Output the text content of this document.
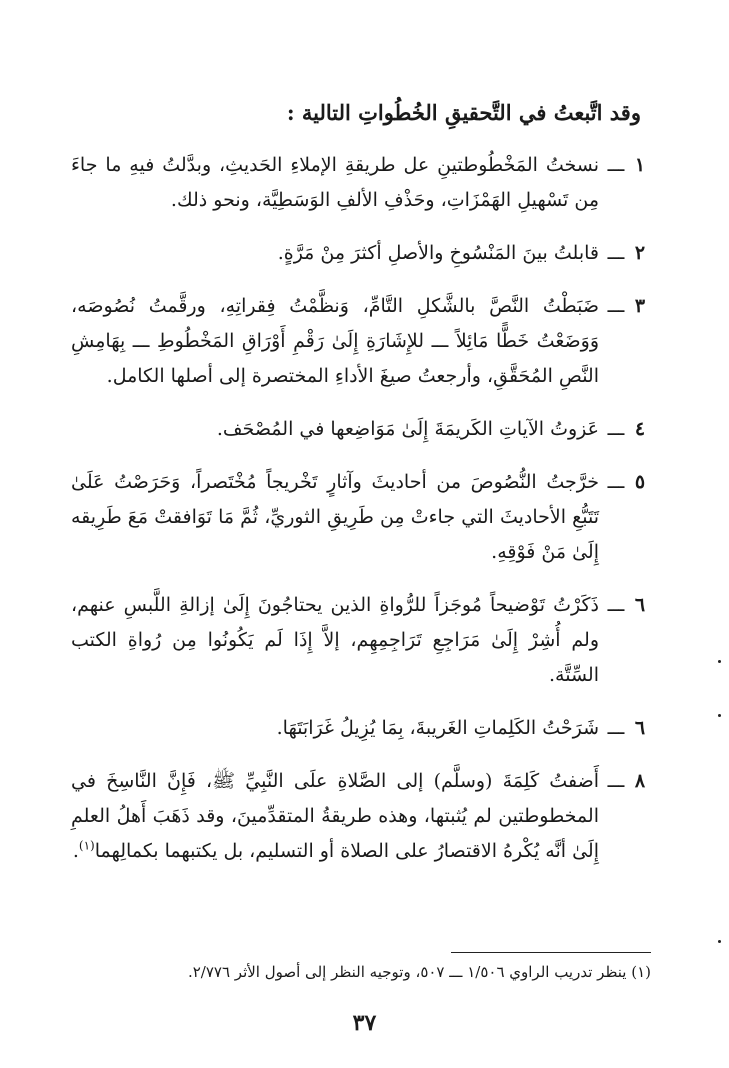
وقد اتَّبعتُ في التَّحقيقِ الخُطُواتِ التالية :
١
ـــ
نسختُ المَخْطُوطتينِ عل طريقةِ الإملاءِ الحَديثِ، وبدَّلتُ فيهِ ما جاءَ مِن تَسْهيلِ الهَمْزَاتِ، وحَذْفِ الألفِ الوَسَطِيَّة، ونحو ذلك.
٢
ـــ
قابلتُ بينَ المَنْسُوخِ والأصلِ أكثرَ مِنْ مَرَّةٍ.
٣
ـــ
ضَبَطْتُ النَّصَّ بالشَّكلِ التَّامِّ، وَنظَّمْتُ فِقراتِهِ، ورقَّمتُ نُصُوصَه، وَوَضَعْتُ خَطًّا مَائِلاً ـــ للإِشَارَةِ إِلَىٰ رَقْمِ أَوْرَاقِ المَخْطُوطِ ـــ بِهَامِشِ النَّصِ المُحَقَّقِ، وأرجعتُ صيغَ الأداءِ المختصرة إلى أصلها الكامل.
٤
ـــ
عَزوتُ الآياتِ الكَريمَةَ إِلَىٰ مَوَاضِعها في المُصْحَف.
٥
ـــ
خرَّجتُ النُّصُوصَ من أحاديثَ وآثارٍ تَخْريجاً مُخْتَصراً، وَحَرَصْتُ عَلَىٰ تَتَبُّعِ الأحاديثَ التي جاءتْ مِن طَرِيقِ الثوريِّ، ثُمَّ مَا تَوَافقتْ مَعَ طَرِيقه إِلَىٰ مَنْ فَوْقِهِ.
٦
ـــ
ذَكَرْتُ تَوْضيحاً مُوجَزاً للرُّواةِ الذين يحتاجُونَ إِلَىٰ إزالةِ اللَّبسِ عنهم، ولم أُشِرْ إِلَىٰ مَرَاجِعِ تَرَاجِمِهِم، إلاَّ إِذَا لَم يَكُونُوا مِن رُواةِ الكتب السِّتَّة.
٦
ـــ
شَرَحْتُ الكَلِماتِ الغَريبةَ، بِمَا يُزِيلُ غَرَابَتَهَا.
٨
ـــ
أَضفتُ كَلِمَةَ (وسلَّم) إلى الصَّلاةِ علَى النَّبِيِّ ﷺ، فَإِنَّ النَّاسِخَ في المخطوطتين لم يُثبتها، وهذه طريقةُ المتقدِّمينَ، وقد ذَهَبَ أَهلُ العلمِ إِلَىٰ أنَّه يُكْرهُ الاقتصارُ على الصلاة أو التسليم، بل يكتبهما بكمالِهما$^{(١)}$.
(١) ينظر تدريب الراوي ١/٥٠٦ ـــ ٥٠٧، وتوجيه النظر إلى أصول الأثر ٢/٧٧٦.
٣٧
